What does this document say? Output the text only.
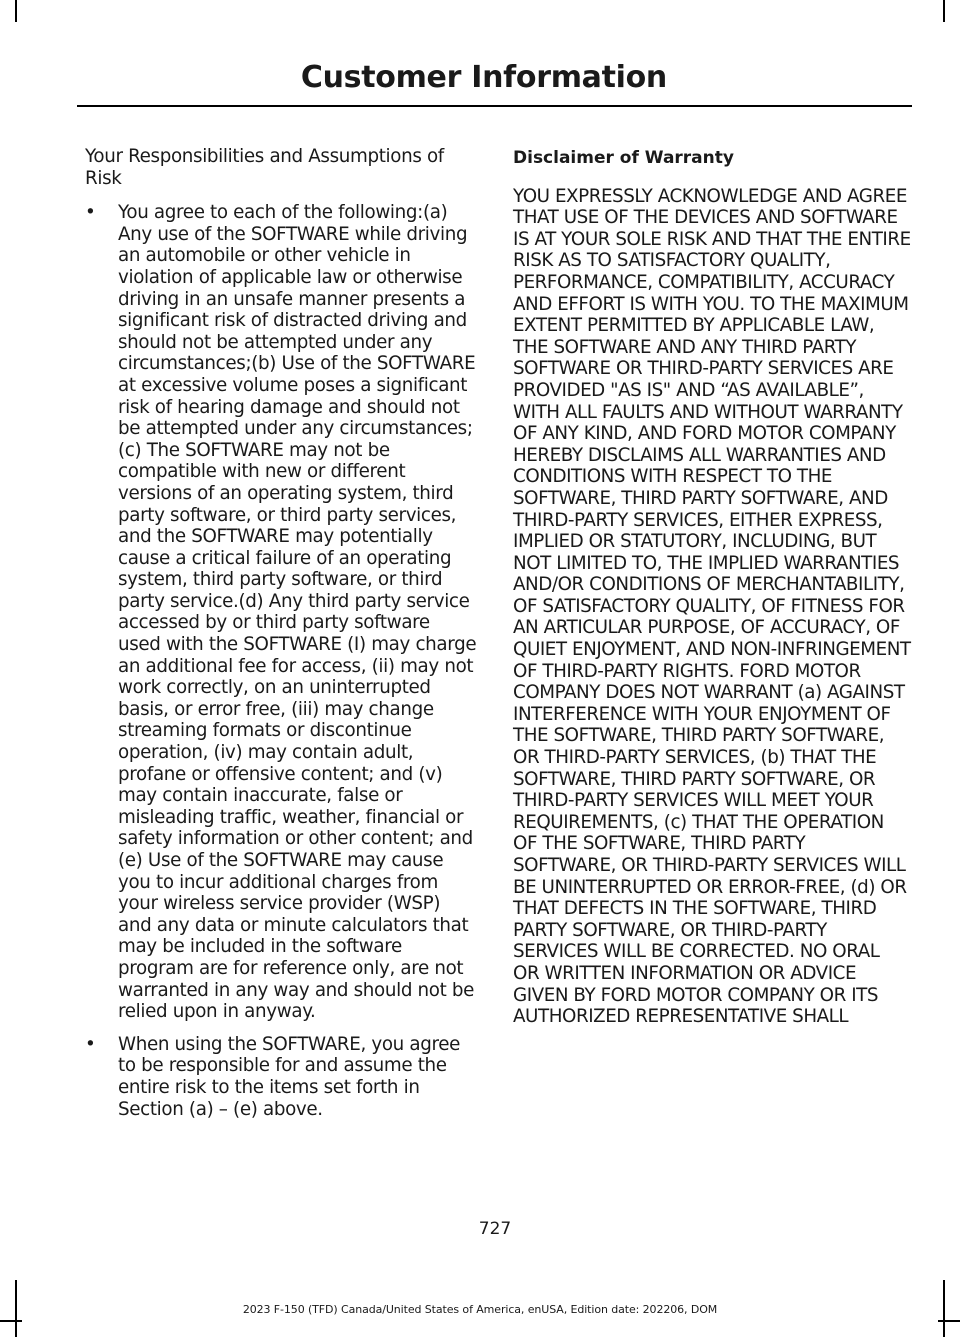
Customer Information

Your Responsibilities and Assumptions of Risk

• You agree to each of the following:(a) Any use of the SOFTWARE while driving an automobile or other vehicle in violation of applicable law or otherwise driving in an unsafe manner presents a significant risk of distracted driving and should not be attempted under any circumstances;(b) Use of the SOFTWARE at excessive volume poses a significant risk of hearing damage and should not be attempted under any circumstances;(c) The SOFTWARE may not be compatible with new or different versions of an operating system, third party software, or third party services, and the SOFTWARE may potentially cause a critical failure of an operating system, third party software, or third party service.(d) Any third party service accessed by or third party software used with the SOFTWARE (I) may charge an additional fee for access, (ii) may not work correctly, on an uninterrupted basis, or error free, (iii) may change streaming formats or discontinue operation, (iv) may contain adult, profane or offensive content; and (v) may contain inaccurate, false or misleading traffic, weather, financial or safety information or other content; and (e) Use of the SOFTWARE may cause you to incur additional charges from your wireless service provider (WSP) and any data or minute calculators that may be included in the software program are for reference only, are not warranted in any way and should not be relied upon in anyway.
• When using the SOFTWARE, you agree to be responsible for and assume the entire risk to the items set forth in Section (a) – (e) above.
Disclaimer of Warranty

YOU EXPRESSLY ACKNOWLEDGE AND AGREE THAT USE OF THE DEVICES AND SOFTWARE IS AT YOUR SOLE RISK AND THAT THE ENTIRE RISK AS TO SATISFACTORY QUALITY, PERFORMANCE, COMPATIBILITY, ACCURACY AND EFFORT IS WITH YOU. TO THE MAXIMUM EXTENT PERMITTED BY APPLICABLE LAW, THE SOFTWARE AND ANY THIRD PARTY SOFTWARE OR THIRD-PARTY SERVICES ARE PROVIDED "AS IS" AND “AS AVAILABLE”, WITH ALL FAULTS AND WITHOUT WARRANTY OF ANY KIND, AND FORD MOTOR COMPANY HEREBY DISCLAIMS ALL WARRANTIES AND CONDITIONS WITH RESPECT TO THE SOFTWARE, THIRD PARTY SOFTWARE, AND THIRD-PARTY SERVICES, EITHER EXPRESS, IMPLIED OR STATUTORY, INCLUDING, BUT NOT LIMITED TO, THE IMPLIED WARRANTIES AND/OR CONDITIONS OF MERCHANTABILITY, OF SATISFACTORY QUALITY, OF FITNESS FOR AN ARTICULAR PURPOSE, OF ACCURACY, OF QUIET ENJOYMENT, AND NON-INFRINGEMENT OF THIRD-PARTY RIGHTS. FORD MOTOR COMPANY DOES NOT WARRANT (a) AGAINST INTERFERENCE WITH YOUR ENJOYMENT OF THE SOFTWARE, THIRD PARTY SOFTWARE, OR THIRD-PARTY SERVICES, (b) THAT THE SOFTWARE, THIRD PARTY SOFTWARE, OR THIRD-PARTY SERVICES WILL MEET YOUR REQUIREMENTS, (c) THAT THE OPERATION OF THE SOFTWARE, THIRD PARTY SOFTWARE, OR THIRD-PARTY SERVICES WILL BE UNINTERRUPTED OR ERROR-FREE, (d) OR THAT DEFECTS IN THE SOFTWARE, THIRD PARTY SOFTWARE, OR THIRD-PARTY SERVICES WILL BE CORRECTED. NO ORAL OR WRITTEN INFORMATION OR ADVICE GIVEN BY FORD MOTOR COMPANY OR ITS AUTHORIZED REPRESENTATIVE SHALL

727
2023 F-150 (TFD) Canada/United States of America, enUSA, Edition date: 202206, DOM
